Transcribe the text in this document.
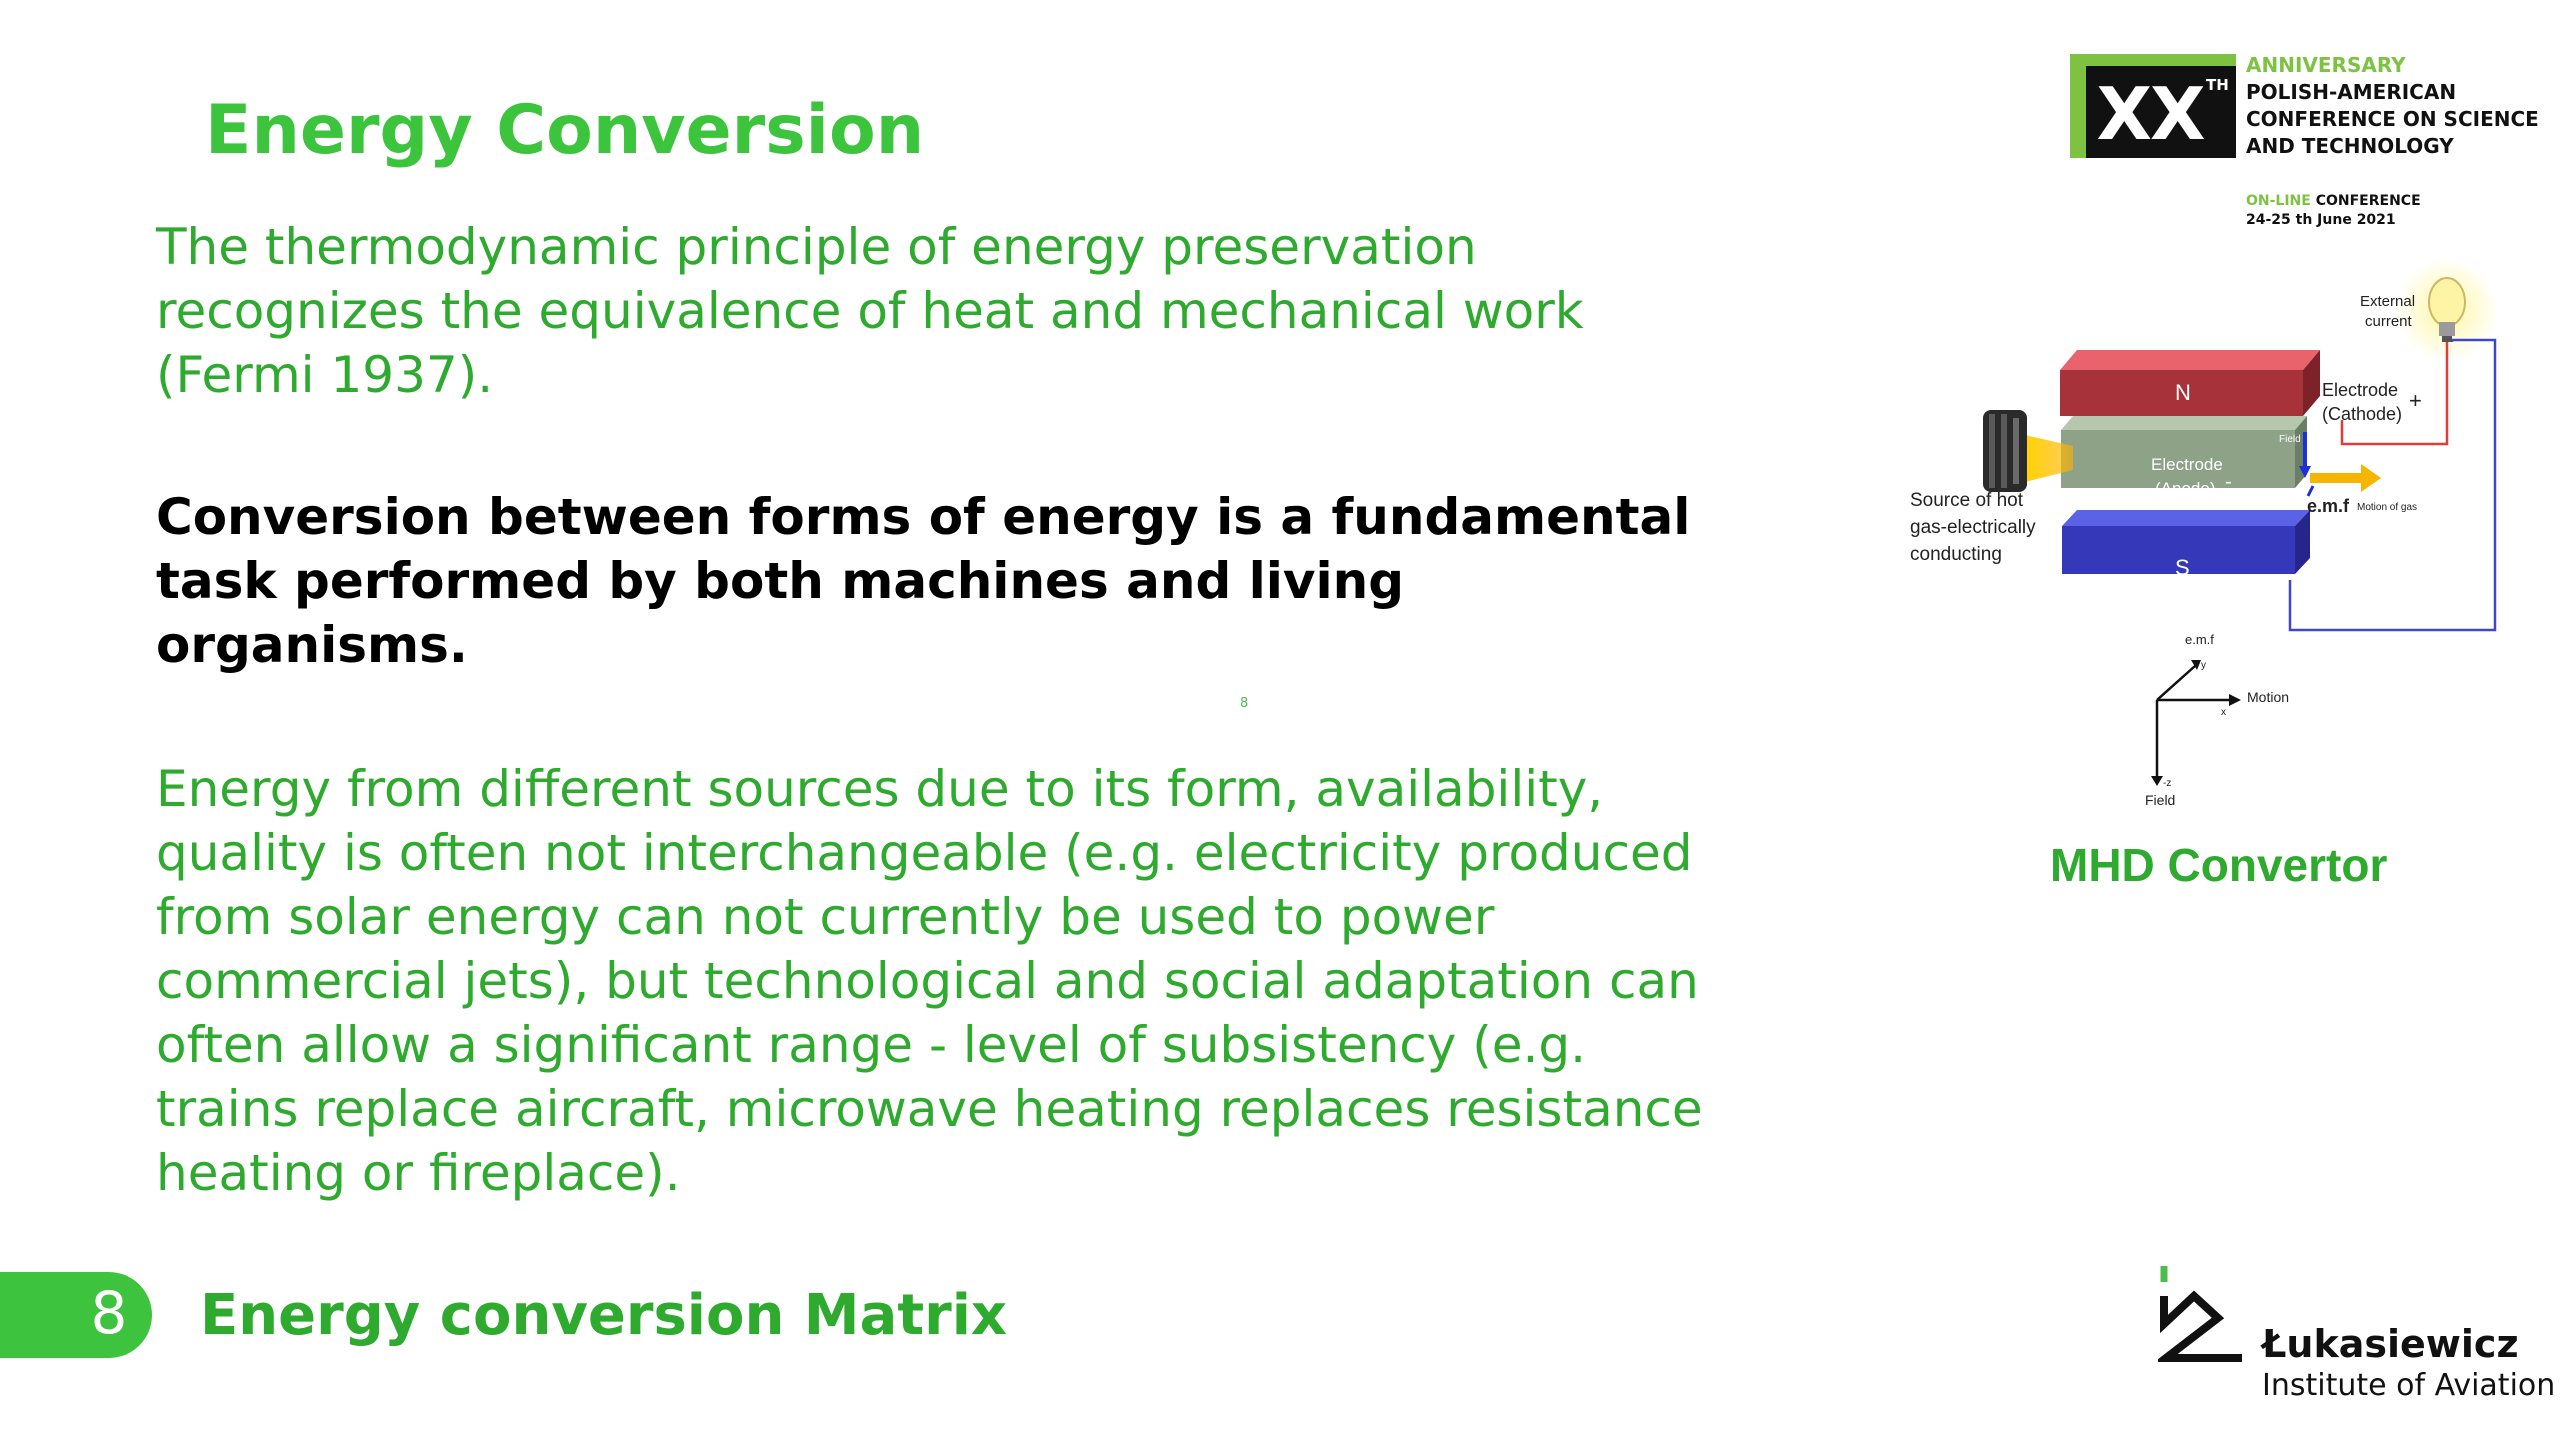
Energy Conversion

The thermodynamic principle of energy preservation recognizes the equivalence of heat and mechanical work (Fermi 1937).

Conversion between forms of energy is a fundamental task performed by both machines and living organisms.

8

Energy from different sources due to its form, availability, quality is often not interchangeable (e.g. electricity produced from solar energy can not currently be used to power commercial jets), but technological and social adaptation can often allow a significant range - level of subsistency (e.g. trains replace aircraft, microwave heating replaces resistance heating or fireplace).

8 Energy conversion Matrix
XX TH
ANNIVERSARY
POLISH-AMERICAN
CONFERENCE ON SCIENCE
AND TECHNOLOGY
ON-LINE CONFERENCE
24-25 th June 2021
External
current
N
S
Electrode
(Cathode)
+
Electrode
(Anode) -
Field
e.m.f Motion of gas
Source of hot
gas-electrically
conducting
e.m.f
y
Motion
x
-z
Field
MHD Convertor
Łukasiewicz
Institute of Aviation
